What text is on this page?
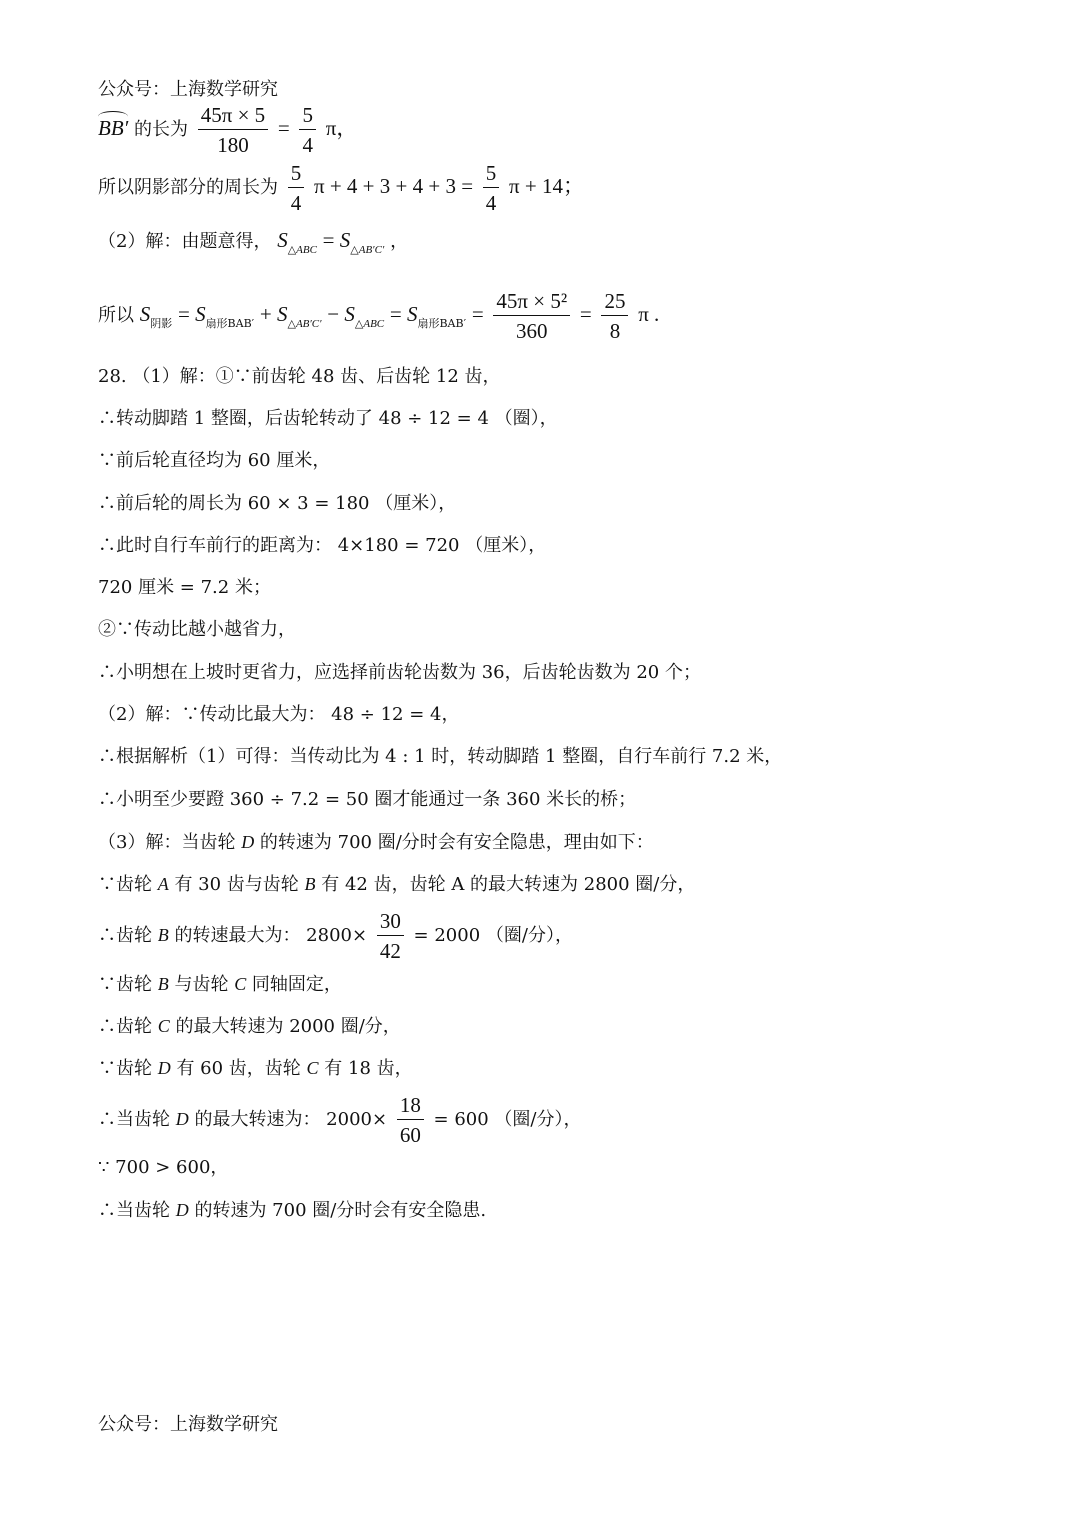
公众号：上海数学研究
BB′ 的长为 $\frac{45\pi \times 5}{180} = \frac{5}{4}$ π，
所以阴影部分的周长为 $\frac{5}{4}$ $\pi + 4 + 3 + 4 + 3 = \frac{5}{4}$ π + 14；
（2）解：由题意得， $S_{\triangle ABC} = S_{\triangle AB'C'}$ ，
所以 $S_{阴影} = S_{扇形BAB'} + S_{\triangle AB'C'} - S_{\triangle ABC} = S_{扇形BAB'} = \frac{\text{45π × 5²}}{360} = \frac{25}{8}$ π .
28. （1）解：①∵前齿轮 48 齿、后齿轮 12 齿，
∴转动脚踏 1 整圈，后齿轮转动了 48 ÷ 12 = 4 （圈），
∵前后轮直径均为 60 厘米，
∴前后轮的周长为 60 × 3 = 180 （厘米），
∴此时自行车前行的距离为： 4×180 = 720 （厘米），
720 厘米 = 7.2 米；
②∵传动比越小越省力，
∴小明想在上坡时更省力，应选择前齿轮齿数为 36，后齿轮齿数为 20 个；
（2）解：∵传动比最大为： 48 ÷ 12 = 4，
∴根据解析（1）可得：当传动比为 4 : 1 时，转动脚踏 1 整圈，自行车前行 7.2 米，
∴小明至少要蹬 360 ÷ 7.2 = 50 圈才能通过一条 360 米长的桥；
（3）解：当齿轮 D 的转速为 700 圈/分时会有安全隐患，理由如下：
∵齿轮 A 有 30 齿与齿轮 B 有 42 齿，齿轮 A 的最大转速为 2800 圈/分，
∴齿轮 B 的转速最大为： $2800\times \frac{30}{42} = 2000$ （圈/分），
∵齿轮 B 与齿轮 C 同轴固定，
∴齿轮 C 的最大转速为 2000 圈/分，
∵齿轮 D 有 60 齿，齿轮 C 有 18 齿，
∴当齿轮 D 的最大转速为： $2000\times \frac{18}{60} = 600$ （圈/分），
∵ 700 > 600，
∴当齿轮 D 的转速为 700 圈/分时会有安全隐患.
公众号：上海数学研究
